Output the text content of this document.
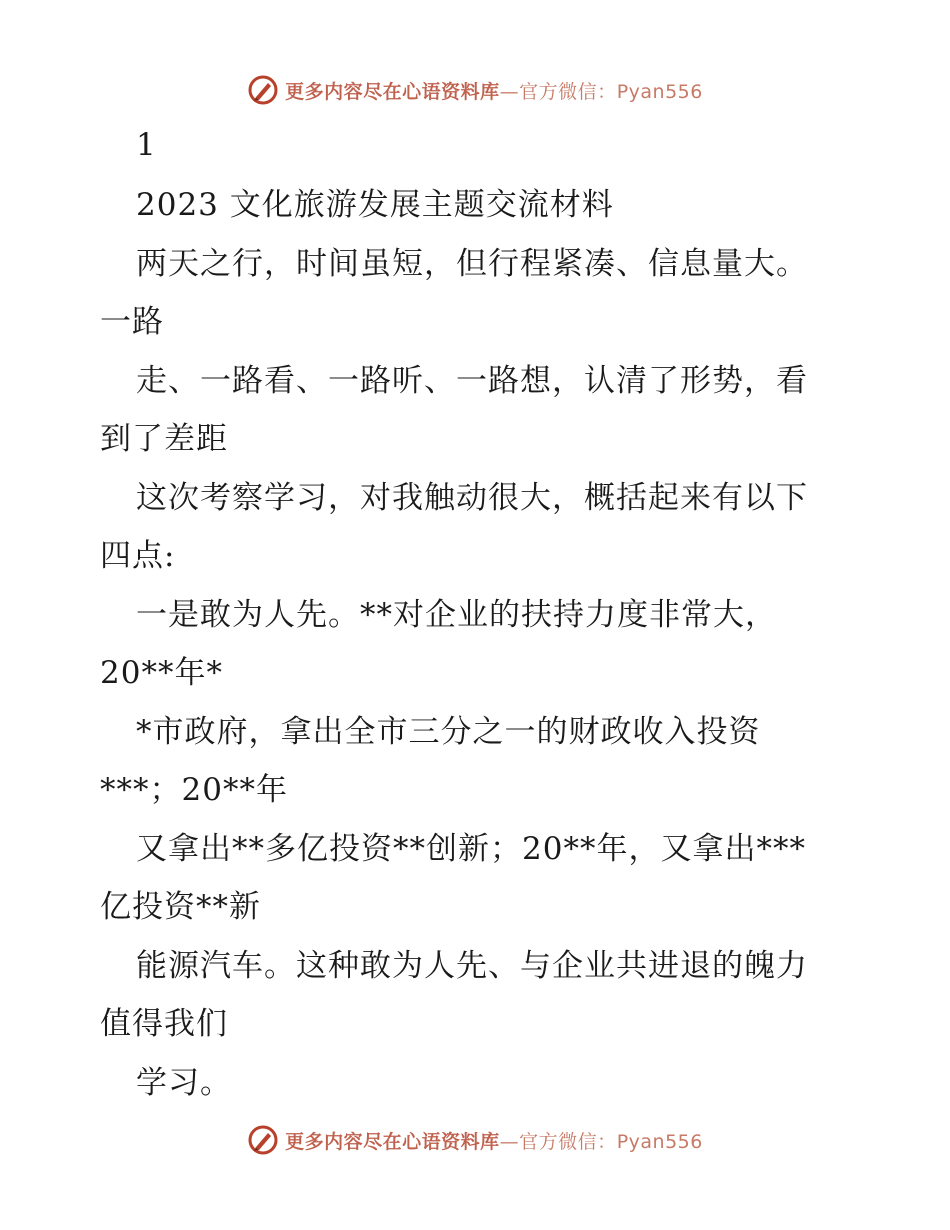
更多内容尽在心语资料库—官方微信：Pyan556
1
2023 文化旅游发展主题交流材料
两天之行，时间虽短，但行程紧凑、信息量大。
一路
走、一路看、一路听、一路想，认清了形势，看
到了差距
这次考察学习，对我触动很大，概括起来有以下
四点:
一是敢为人先。**对企业的扶持力度非常大，
20**年*
*市政府，拿出全市三分之一的财政收入投资
***；20**年
又拿出**多亿投资**创新；20**年，又拿出***
亿投资**新
能源汽车。这种敢为人先、与企业共进退的魄力
值得我们
学习。
更多内容尽在心语资料库—官方微信：Pyan556
